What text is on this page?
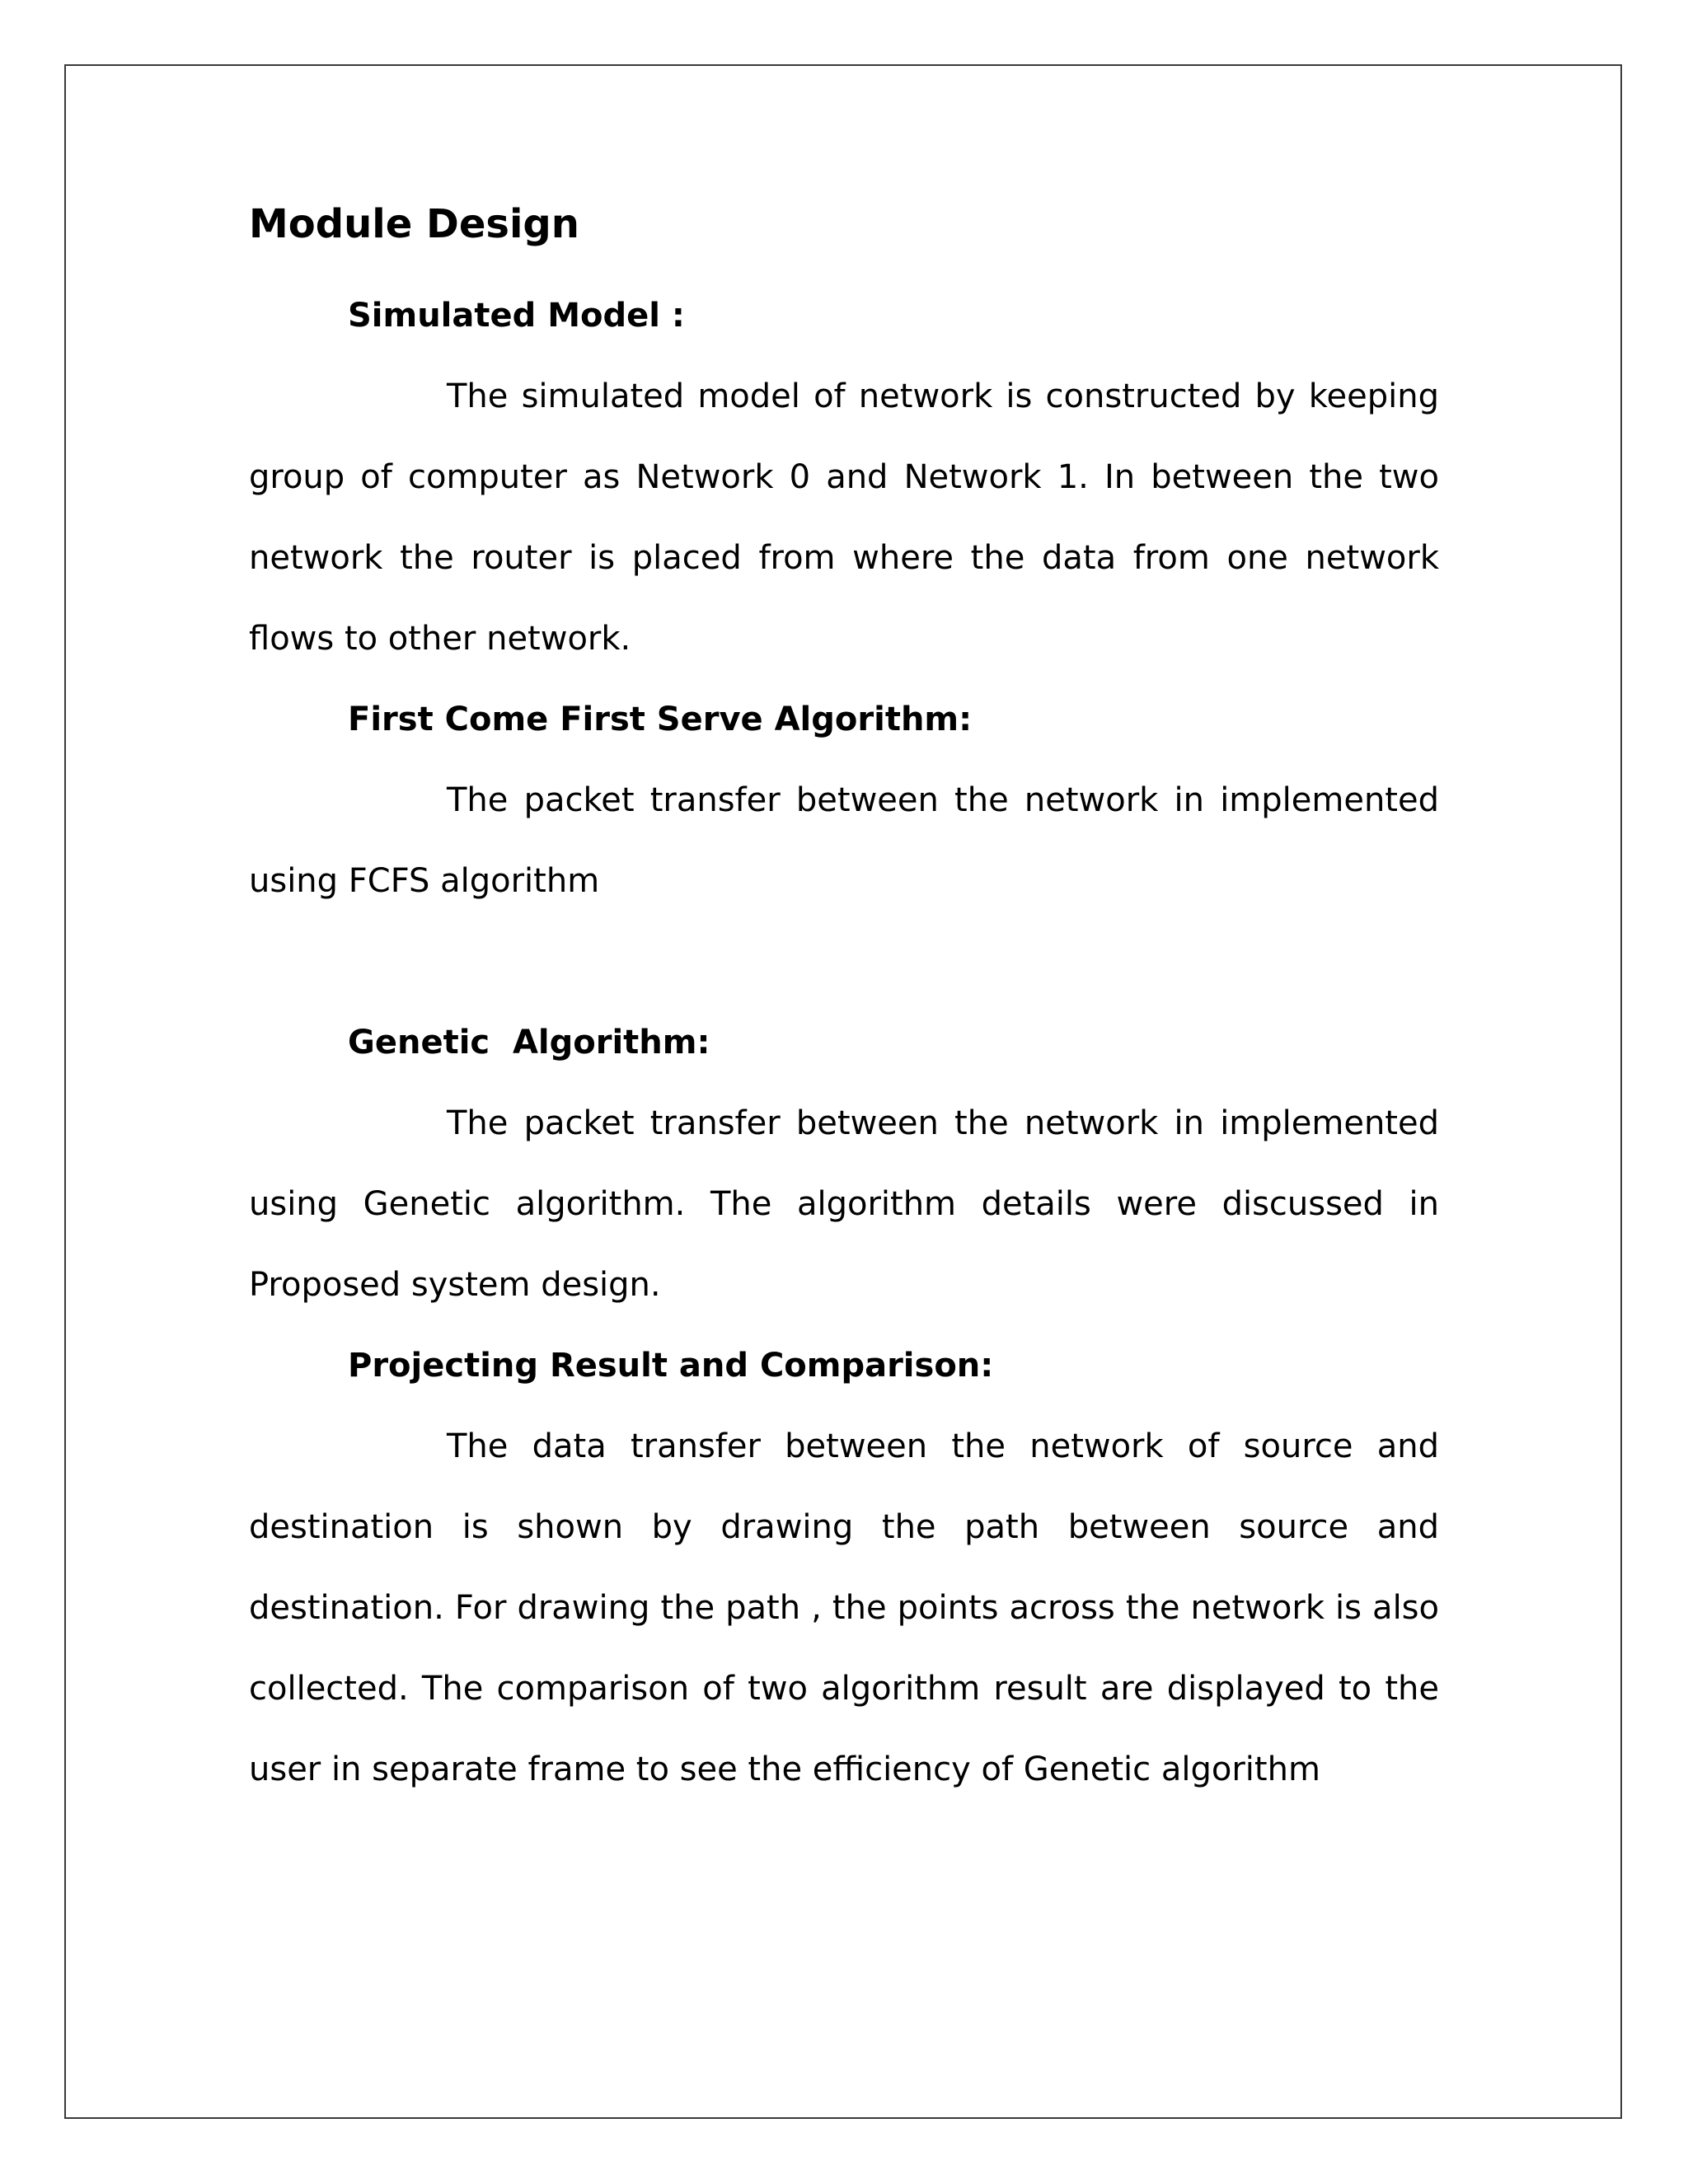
Module Design
Simulated Model :

The simulated model of network is constructed by keeping group of computer as Network 0 and Network 1. In between the two network the router is placed from where the data from one network flows to other network.

First Come First Serve Algorithm:

The packet transfer between the network in implemented using FCFS algorithm

Genetic  Algorithm:

The packet transfer between the network in implemented using Genetic algorithm. The algorithm details were discussed in Proposed system design.

Projecting Result and Comparison:

The data transfer between the network of source and destination is shown by drawing the path between source and destination. For drawing the path , the points across the network is also collected. The comparison of two algorithm result are displayed to the user in separate frame to see the efficiency of Genetic algorithm
